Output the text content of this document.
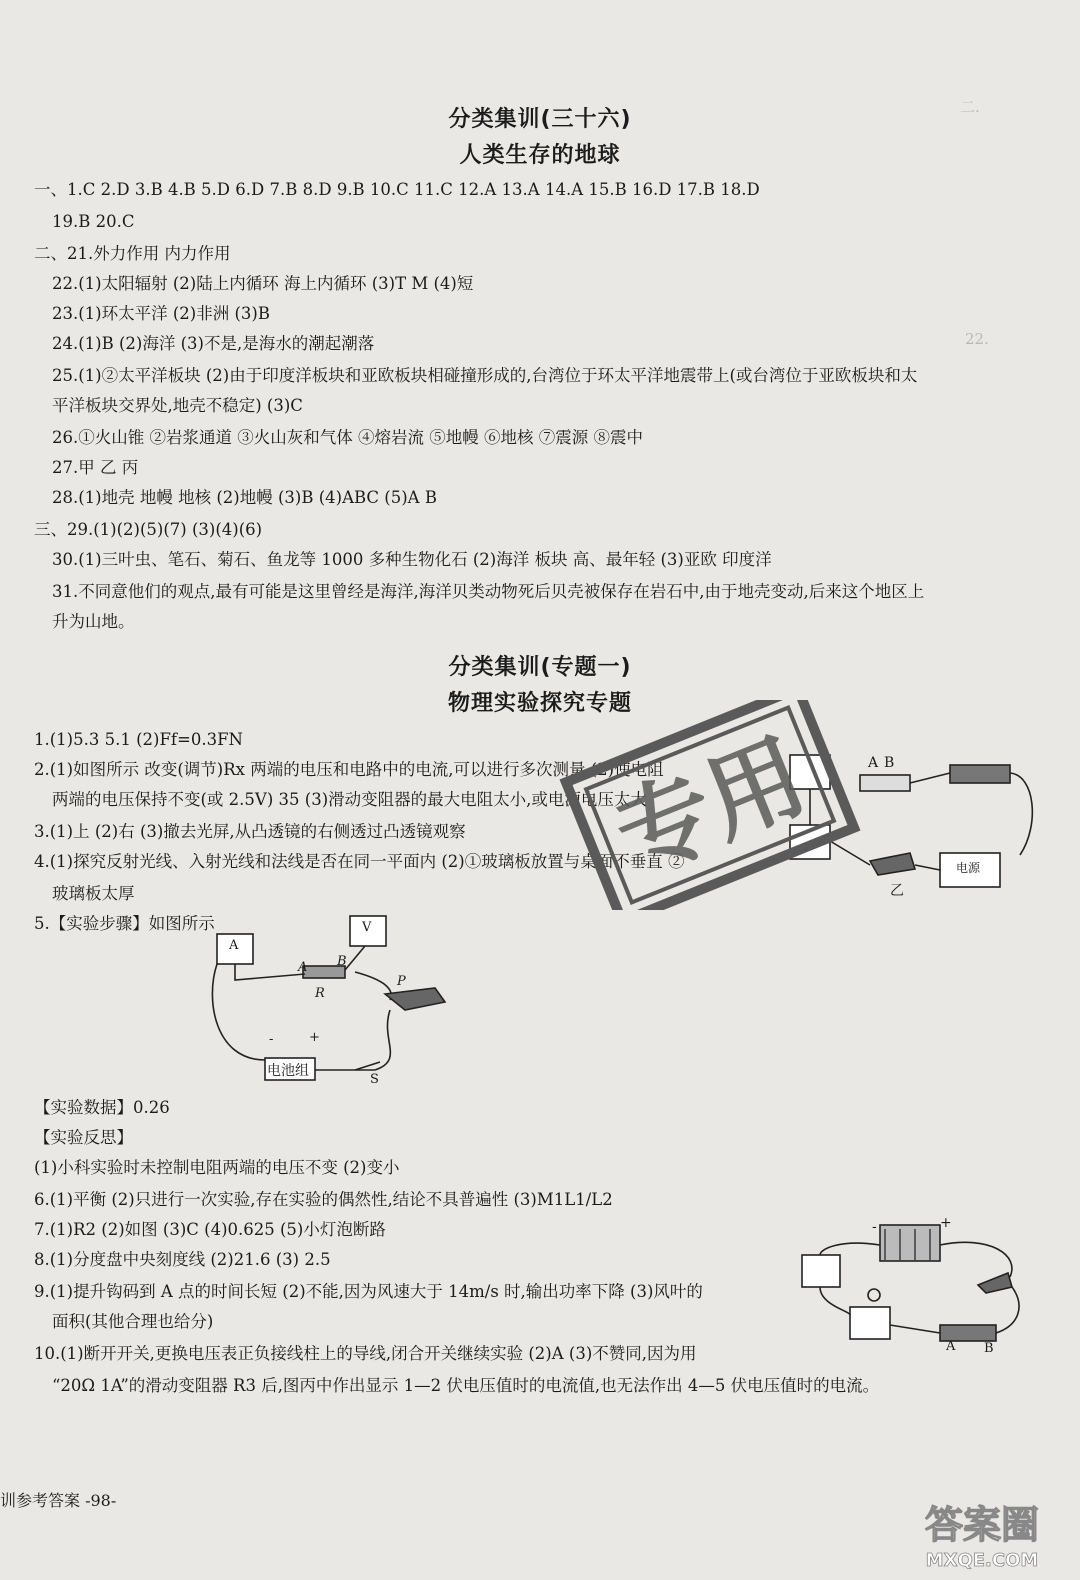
二.
22.
分类集训(三十六)
人类生存的地球
一、1.C 2.D 3.B 4.B 5.D 6.D 7.B 8.D 9.B 10.C 11.C 12.A 13.A 14.A 15.B 16.D 17.B 18.D
19.B 20.C
二、21.外力作用 内力作用
22.(1)太阳辐射 (2)陆上内循环 海上内循环 (3)T M (4)短
23.(1)环太平洋 (2)非洲 (3)B
24.(1)B (2)海洋 (3)不是,是海水的潮起潮落
25.(1)②太平洋板块 (2)由于印度洋板块和亚欧板块相碰撞形成的,台湾位于环太平洋地震带上(或台湾位于亚欧板块和太
平洋板块交界处,地壳不稳定) (3)C
26.①火山锥 ②岩浆通道 ③火山灰和气体 ④熔岩流 ⑤地幔 ⑥地核 ⑦震源 ⑧震中
27.甲 乙 丙
28.(1)地壳 地幔 地核 (2)地幔 (3)B (4)ABC (5)A B
三、29.(1)(2)(5)(7) (3)(4)(6)
30.(1)三叶虫、笔石、菊石、鱼龙等 1000 多种生物化石 (2)海洋 板块 高、最年轻 (3)亚欧 印度洋
31.不同意他们的观点,最有可能是这里曾经是海洋,海洋贝类动物死后贝壳被保存在岩石中,由于地壳变动,后来这个地区上
升为山地。
分类集训(专题一)
物理实验探究专题
1.(1)5.3 5.1 (2)Ff=0.3FN
2.(1)如图所示 改变(调节)Rx 两端的电压和电路中的电流,可以进行多次测量 (2)使电阻
两端的电压保持不变(或 2.5V) 35 (3)滑动变阻器的最大电阻太小,或电源电压太大
3.(1)上 (2)右 (3)撤去光屏,从凸透镜的右侧透过凸透镜观察
4.(1)探究反射光线、入射光线和法线是否在同一平面内 (2)①玻璃板放置与桌面不垂直 ②
玻璃板太厚
5.【实验步骤】如图所示
A
V
A B
R
P
电池组
S
-	+
A B
乙
电源
专用
【实验数据】0.26
【实验反思】
(1)小科实验时未控制电阻两端的电压不变 (2)变小
6.(1)平衡 (2)只进行一次实验,存在实验的偶然性,结论不具普遍性 (3)M1L1/L2
7.(1)R2 (2)如图 (3)C (4)0.625 (5)小灯泡断路
8.(1)分度盘中央刻度线 (2)21.6 (3) 2.5
9.(1)提升钩码到 A 点的时间长短 (2)不能,因为风速大于 14m/s 时,输出功率下降 (3)风叶的
面积(其他合理也给分)
10.(1)断开开关,更换电压表正负接线柱上的导线,闭合开关继续实验 (2)A (3)不赞同,因为用
“20Ω 1A”的滑动变阻器 R3 后,图丙中作出显示 1—2 伏电压值时的电流值,也无法作出 4—5 伏电压值时的电流。
-	+
A B
训参考答案 -98-
答案圈
MXQE.COM
